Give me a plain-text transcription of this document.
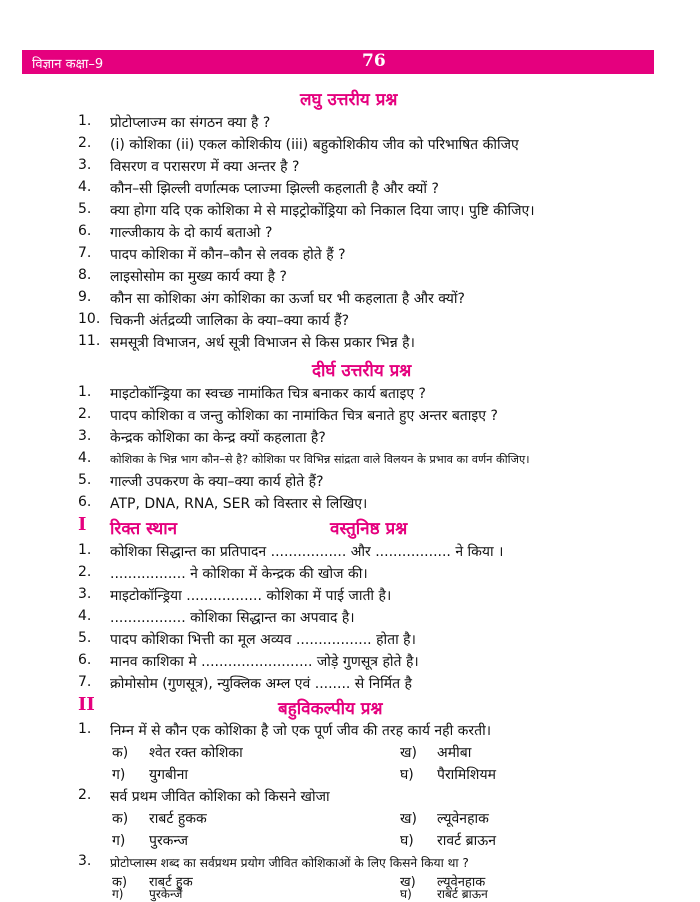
विज्ञान कक्षा–9	76
लघु उत्तरीय प्रश्न
1. प्रोटोप्लाज्म का संगठन क्या है ?
2. (i) कोशिका (ii) एकल कोशिकीय (iii) बहुकोशिकीय जीव को परिभाषित कीजिए
3. विसरण व परासरण में क्या अन्तर है ?
4. कौन–सी झिल्ली वर्णात्मक प्लाज्मा झिल्ली कहलाती है और क्यों ?
5. क्या होगा यदि एक कोशिका मे से माइट्रोकोंड्रिया को निकाल दिया जाए। पुष्टि कीजिए।
6. गाल्जीकाय के दो कार्य बताओ ?
7. पादप कोशिका में कौन–कौन से लवक होते हैं ?
8. लाइसोसोम का मुख्य कार्य क्या है ?
9. कौन सा कोशिका अंग कोशिका का ऊर्जा घर भी कहलाता है और क्यों?
10. चिकनी अंर्तद्रव्यी जालिका के क्या–क्या कार्य हैं?
11. समसूत्री विभाजन, अर्ध सूत्री विभाजन से किस प्रकार भिन्न है।
दीर्घ उत्तरीय प्रश्न
1. माइटोकॉन्ड्रिया का स्वच्छ नामांकित चित्र बनाकर कार्य बताइए ?
2. पादप कोशिका व जन्तु कोशिका का नामांकित चित्र बनाते हुए अन्तर बताइए ?
3. केन्द्रक कोशिका का केन्द्र क्यों कहलाता है?
4. कोशिका के भिन्न भाग कौन–से है? कोशिका पर विभिन्न सांद्रता वाले विलयन के प्रभाव का वर्णन कीजिए।
5. गाल्जी उपकरण के क्या–क्या कार्य होते हैं?
6. ATP, DNA, RNA, SER को विस्तार से लिखिए।
I रिक्त स्थान	वस्तुनिष्ठ प्रश्न
1. कोशिका सिद्धान्त का प्रतिपादन ................. और ................. ने किया ।
2. ................. ने कोशिका में केन्द्रक की खोज की।
3. माइटोकॉन्ड्रिया ................. कोशिका में पाई जाती है।
4. ................. कोशिका सिद्धान्त का अपवाद है।
5. पादप कोशिका भित्ती का मूल अव्यव ................. होता है।
6. मानव काशिका मे ......................... जोड़े गुणसूत्र होते है।
7. क्रोमोसोम (गुणसूत्र), न्युक्लिक अम्ल एवं ........ से निर्मित है
II	बहुविकल्पीय प्रश्न
1. निम्न में से कौन एक कोशिका है जो एक पूर्ण जीव की तरह कार्य नही करती।
क) श्वेत रक्त कोशिका	ख) अमीबा
ग) युगबीना	घ) पैरामिशियम
2. सर्व प्रथम जीवित कोशिका को किसने खोजा
क) राबर्ट हुकक	ख) ल्यूवेनहाक
ग) पुरकन्ज	घ) रावर्ट ब्राऊन
3. प्रोटोप्लास्म शब्द का सर्वप्रथम प्रयोग जीवित कोशिकाओं के लिए किसने किया था ?
क) राबर्ट हुक	ख) ल्यूवेनहाक
ग) पुरकेन्जे	घ) राबर्ट ब्राऊन
